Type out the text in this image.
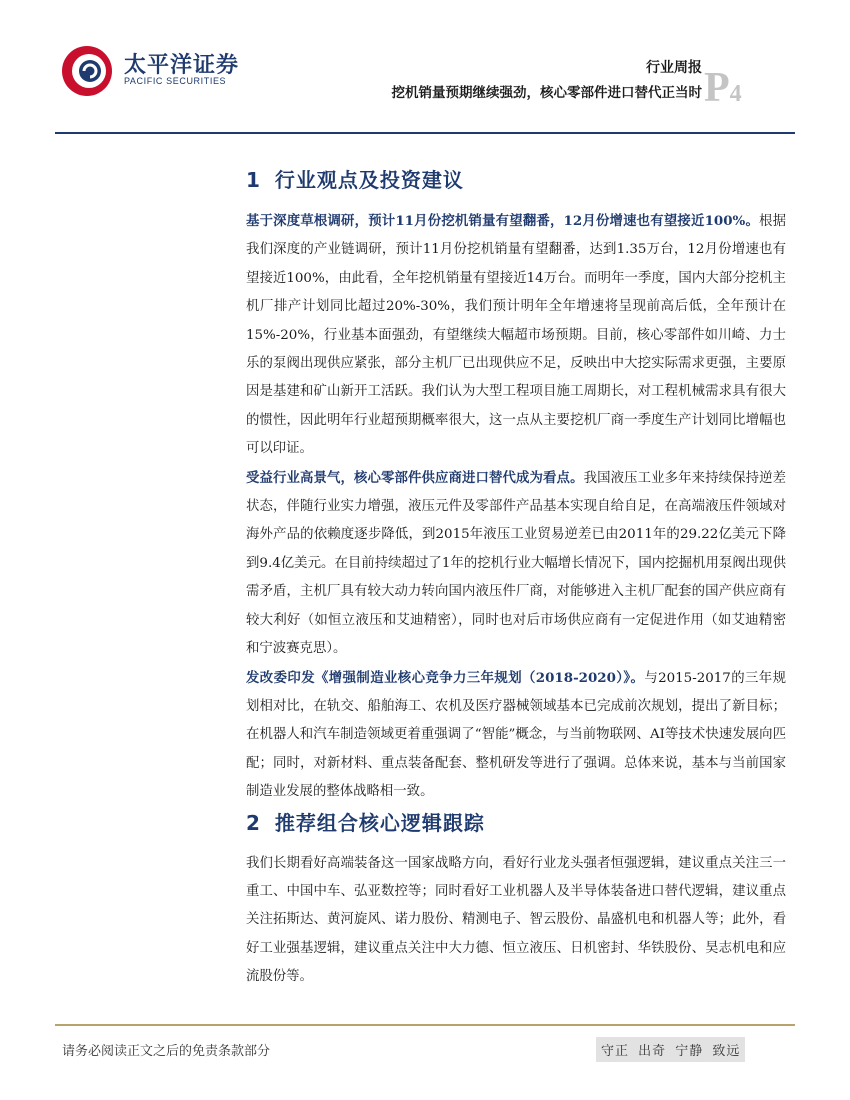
太平洋证券
PACIFIC SECURITIES
行业周报
挖机销量预期继续强劲，核心零部件进口替代正当时 P4
1 行业观点及投资建议

基于深度草根调研，预计11月份挖机销量有望翻番，12月份增速也有望接近100%。根据我们深度的产业链调研，预计11月份挖机销量有望翻番，达到1.35万台，12月份增速也有望接近100%，由此看，全年挖机销量有望接近14万台。而明年一季度，国内大部分挖机主机厂排产计划同比超过20%-30%，我们预计明年全年增速将呈现前高后低，全年预计在15%-20%，行业基本面强劲，有望继续大幅超市场预期。目前，核心零部件如川崎、力士乐的泵阀出现供应紧张，部分主机厂已出现供应不足，反映出中大挖实际需求更强，主要原因是基建和矿山新开工活跃。我们认为大型工程项目施工周期长，对工程机械需求具有很大的惯性，因此明年行业超预期概率很大，这一点从主要挖机厂商一季度生产计划同比增幅也可以印证。

受益行业高景气，核心零部件供应商进口替代成为看点。我国液压工业多年来持续保持逆差状态，伴随行业实力增强，液压元件及零部件产品基本实现自给自足，在高端液压件领域对海外产品的依赖度逐步降低，到2015年液压工业贸易逆差已由2011年的29.22亿美元下降到9.4亿美元。在目前持续超过了1年的挖机行业大幅增长情况下，国内挖掘机用泵阀出现供需矛盾，主机厂具有较大动力转向国内液压件厂商，对能够进入主机厂配套的国产供应商有较大利好（如恒立液压和艾迪精密），同时也对后市场供应商有一定促进作用（如艾迪精密和宁波赛克思）。

发改委印发《增强制造业核心竞争力三年规划（2018-2020）》。与2015-2017的三年规划相对比，在轨交、船舶海工、农机及医疗器械领域基本已完成前次规划，提出了新目标；在机器人和汽车制造领域更着重强调了“智能”概念，与当前物联网、AI等技术快速发展向匹配；同时，对新材料、重点装备配套、整机研发等进行了强调。总体来说，基本与当前国家制造业发展的整体战略相一致。

2 推荐组合核心逻辑跟踪

我们长期看好高端装备这一国家战略方向，看好行业龙头强者恒强逻辑，建议重点关注三一重工、中国中车、弘亚数控等；同时看好工业机器人及半导体装备进口替代逻辑，建议重点关注拓斯达、黄河旋风、诺力股份、精测电子、智云股份、晶盛机电和机器人等；此外，看好工业强基逻辑，建议重点关注中大力德、恒立液压、日机密封、华铁股份、昊志机电和应流股份等。

请务必阅读正文之后的免责条款部分	守正 出奇 宁静 致远
